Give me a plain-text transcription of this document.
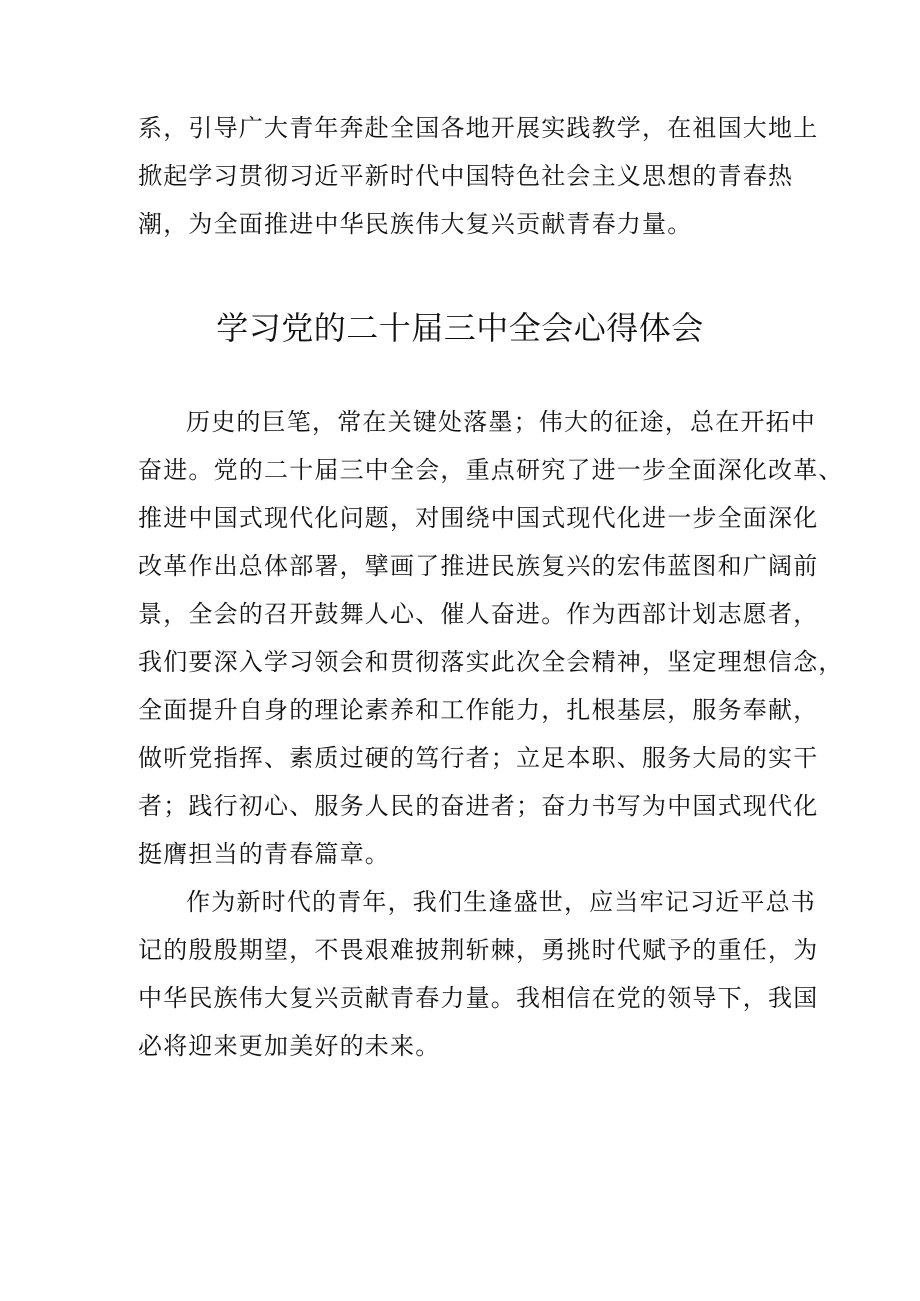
系，引导广大青年奔赴全国各地开展实践教学，在祖国大地上
掀起学习贯彻习近平新时代中国特色社会主义思想的青春热
潮，为全面推进中华民族伟大复兴贡献青春力量。
学习党的二十届三中全会心得体会
历史的巨笔，常在关键处落墨；伟大的征途，总在开拓中
奋进。党的二十届三中全会，重点研究了进一步全面深化改革、
推进中国式现代化问题，对围绕中国式现代化进一步全面深化
改革作出总体部署，擘画了推进民族复兴的宏伟蓝图和广阔前
景，全会的召开鼓舞人心、催人奋进。作为西部计划志愿者，
我们要深入学习领会和贯彻落实此次全会精神，坚定理想信念，
全面提升自身的理论素养和工作能力，扎根基层，服务奉献，
做听党指挥、素质过硬的笃行者；立足本职、服务大局的实干
者；践行初心、服务人民的奋进者；奋力书写为中国式现代化
挺膺担当的青春篇章。
作为新时代的青年，我们生逢盛世，应当牢记习近平总书
记的殷殷期望，不畏艰难披荆斩棘，勇挑时代赋予的重任，为
中华民族伟大复兴贡献青春力量。我相信在党的领导下，我国
必将迎来更加美好的未来。
